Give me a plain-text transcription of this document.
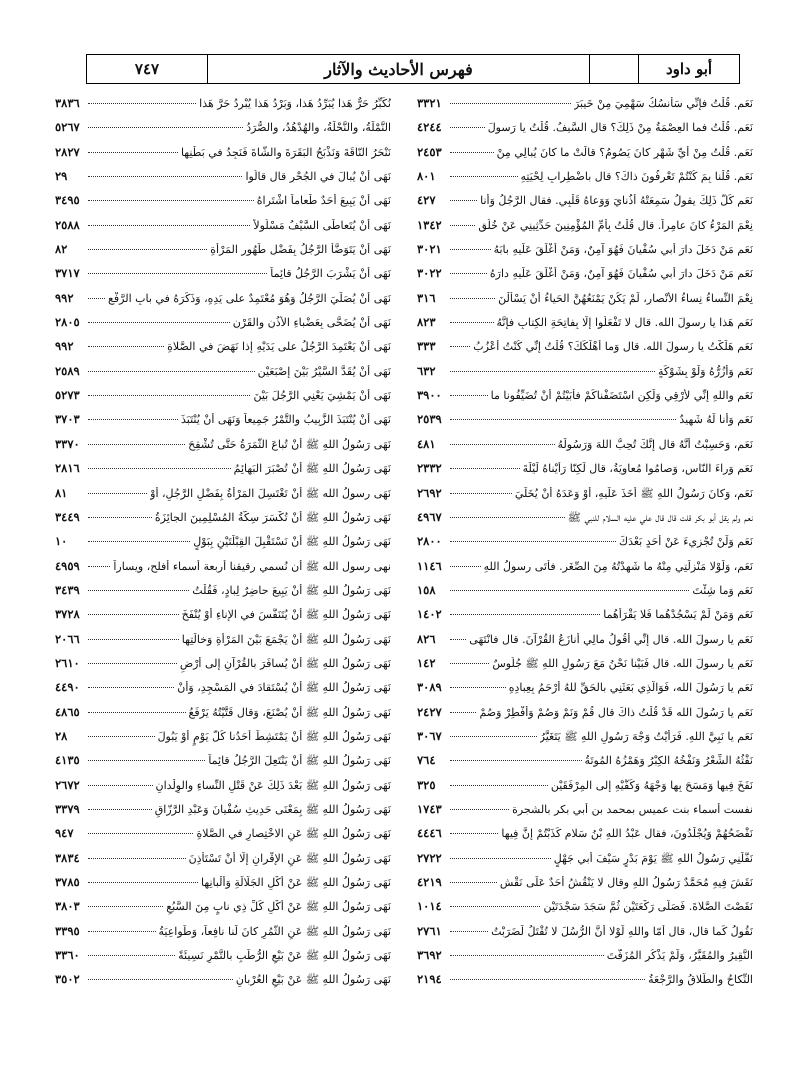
أبو داود
فهرس الأحاديث والآثار
٧٤٧
نَعَم. قُلْتُ فإنِّي سَأَنسُكُ سَهْمِيَ مِنْ خَيبَرَ
٣٣٢١
نَعَم. قُلْتُ فما العِصْمَةُ مِنْ ذَلِكَ؟ قال السَّيفُ. قُلْتُ يا رَسولَ
٤٢٤٤
نَعَم. قُلْتُ مِنْ أَيِّ شَهْرٍ كانَ يَصُومُ؟ قالَتْ ما كانَ يُبالِي مِنْ
٢٤٥٣
نَعَم. قُلْنا بِمَ كُنْتُمْ تَعْرِفُونَ ذاكَ؟ قال باضْطِرابِ لِحْيَتِهِ
٨٠١
نَعَم كُلُّ ذَلِكَ يقولُ سَمِعَتْهُ أُذُنايَ وَوَعاهُ قَلْبِي. فقال الرَّجُلُ وَأَنا
٤٢٧
نِعْمَ المَرْءُ كانَ عامِراً. قال قُلْتُ بِأُمِّ المُؤْمِنِينَ حَدِّثِينِي عَنْ خُلُقِ
١٣٤٢
نَعَم مَنْ دَخَلَ دارَ أبي سُفْيانَ فَهُوَ آمِنٌ، وَمَنْ أَغْلَقَ عَلَيهِ بابَهُ
٣٠٢١
نَعَم مَنْ دَخَلَ دارَ أبي سُفْيانَ فَهُوَ آمِنٌ، وَمَنْ أَغْلَقَ عَلَيهِ دارَهُ
٣٠٢٢
نِعْمَ النِّساءُ نِساءُ الأَنْصارِ، لَمْ يَكُنْ يَمْنَعُهُنَّ الحَياءُ أَنْ يَسْأَلْنَ
٣١٦
نَعَم هَذا يا رسولَ الله. قال لا تَفْعَلُوا إلّا بِفاتِحَةِ الكِتابِ فإنَّهُ
٨٢٣
نَعَم هَلَكْتُ يا رسولَ الله. قال وَما أَهْلَكَكَ؟ قُلْتُ إنِّي كُنْتُ أَعْزُبُ
٣٣٣
نَعَم وَأَزُرُّهُ وَلَوْ بِشَوْكَةٍ
٦٣٢
نَعَم واللهِ إنِّي لأَرْقِي وَلَكِنِ اسْتَضَفْناكُمْ فأَبَيْتُمْ أَنْ تُضَيِّفُونا ما
٣٩٠٠
نَعَم وَأَنا لَهُ شَهِيدٌ
٢٥٣٩
نَعَم، وَحَسِبْتُ أَنَّهُ قال إنَّكَ تُحِبُّ اللهَ وَرَسُولَهُ
٤٨١
نَعَم وَراءَ النّاسِ، وَصامُوا مُعاوِيَةُ، قال لَكِنّا رَأَيْناهُ لَيْلَةَ
٢٣٣٢
نَعَم، وَكانَ رَسُولُ اللهِ ﷺ أَخَذَ عَلَيهِ، أوْ وَعَدَهُ أَنْ يُخَلِّيَ
٢٦٩٢
نعم ولم يقل أبو بكر قلت قال قال علي عليه السلام للنبي ﷺ
٤٩٦٧
نَعَم وَلَنْ تُجْزِيءَ عَنْ أَحَدٍ بَعْدَكَ
٢٨٠٠
نَعَم، وَلَوْلا مَنْزِلَتِي مِنْهُ ما شَهِدْتُهُ مِنَ الصِّغَرِ. فأتَى رسولُ اللهِ
١١٤٦
نَعَم وَما شِئْتَ
١٥٨
نَعَم وَمَنْ لَمْ يَسْجُدْهُما فَلا يَقْرَأْهُما
١٤٠٢
نَعَم يا رسولَ الله. قال إنِّي أَقُولُ مالِي أُنازَعُ القُرْآنَ. قال فانْتَهَى
٨٢٦
نَعَم يا رسولَ الله. قال فَبَيْنا نَحْنُ مَعَ رَسُولِ اللهِ ﷺ جُلُوسٌ
١٤٢
نَعَم يا رَسُولَ الله، فَوَالَّذِي بَعَثَنِي بالحَقِّ للهُ أَرْحَمُ بِعِبادِهِ
٣٠٨٩
نَعَم يا رَسُولَ الله قَدْ قُلْتُ ذاكَ قال قُمْ وَنَمْ وَصُمْ وَأَفْطِرْ وَصُمْ
٢٤٢٧
نَعَم يا نَبِيَّ اللهِ. فَرَأَيْتُ وَجْهَ رَسُولِ اللهِ ﷺ يَتَغَيَّرُ
٣٠٦٧
نَفْثُهُ الشِّعْرُ وَنَفْخُهُ الكِبْرُ وَهَمْزُهُ المُوتَةُ
٧٦٤
نَفَخَ فِيها وَمَسَحَ بِها وَجْهَهُ وَكَفَّيْهِ إلى المِرْفَقَيْنِ
٣٢٥
نفست أسماء بنت عميس بمحمد بن أبي بكر بالشجرة
١٧٤٣
نَفْضَحُهُمْ وَيُجْلَدُونَ، فقال عَبْدُ اللهِ بْنُ سَلامٍ كَذَبْتُمْ إنَّ فِيها
٤٤٤٦
نَفَّلَنِي رَسُولُ اللهِ ﷺ يَوْمَ بَدْرٍ سَيْفَ أبي جَهْلٍ
٢٧٢٢
نَقَشَ فِيهِ مُحَمَّدٌ رَسُولُ اللهِ وقال لا يَنْقُشُ أَحَدٌ عَلَى نَقْشِ
٤٢١٩
نَقَصْتَ الصَّلاةَ. فَصَلَّى رَكْعَتَيْنِ ثُمَّ سَجَدَ سَجْدَتَيْنِ
١٠١٤
نَقُولُ كَما قال، قال أمّا واللهِ لَوْلا أَنَّ الرُّسُلَ لا تُقْتَلُ لَضَرَبْتُ
٢٧٦١
النَّقِيرُ والمُقَيَّرُ، وَلَمْ يَذْكُرِ المُزَفَّتَ
٣٦٩٢
النِّكاحُ والطَّلاقُ والرَّجْعَةُ
٢١٩٤
نُكَبِّرُ حَرٌّ هَذا يُبَرِّدُ هَذا، وَبَرْدُ هَذا يُبْرِدُ حَرَّ هَذا
٣٨٣٦
النَّمْلَةُ، والنَّحْلَةُ، والهُدْهُدُ، والصُّرَدُ
٥٢٦٧
نَنْحَرُ النّاقَةَ وَنَذْبَحُ البَقَرَةَ والشّاةَ فَنَجِدُ في بَطْنِها
٢٨٢٧
نَهَى أَنْ يُبالَ في الجُحْرِ قال قالُوا
٢٩
نَهَى أَنْ يَبِيعَ أَحَدٌ طَعاماً اشْتَراهُ
٣٤٩٥
نَهَى أَنْ يُتَعاطَى السَّيْفُ مَسْلُولاً
٢٥٨٨
نَهَى أَنْ يَتَوَضَّأَ الرَّجُلُ بِفَضْلِ طَهُورِ المَرْأَةِ
٨٢
نَهَى أَنْ يَشْرَبَ الرَّجُلُ قائِماً
٣٧١٧
نَهَى أَنْ يُصَلِّيَ الرَّجُلُ وَهُوَ مُعْتَمِدٌ على يَدِهِ، وَذَكَرَهُ في بابِ الرَّفْعِ
٩٩٢
نَهَى أَنْ يُضَحَّى بِعَضْباءِ الأُذُنِ والقَرْنِ
٢٨٠٥
نَهَى أَنْ يَعْتَمِدَ الرَّجُلُ على يَدَيْهِ إذا نَهَضَ في الصَّلاةِ
٩٩٢
نَهَى أَنْ يُقَدَّ السَّيْرُ بَيْنَ إصْبَعَيْنِ
٢٥٨٩
نَهَى أَنْ يَمْشِيَ يَعْنِي الرَّجُلَ بَيْنَ
٥٢٧٣
نَهَى أَنْ يُنْتَبَذَ الزَّبِيبُ والتَّمْرُ جَمِيعاً وَنَهَى أَنْ يُنْتَبَذَ
٣٧٠٣
نَهَى رَسُولُ اللهِ ﷺ أَنْ تُباعَ الثَّمَرَةُ حَتَّى تُشْقِحَ
٣٣٧٠
نَهَى رَسُولُ اللهِ ﷺ أَنْ تُصْبَرَ البَهائِمُ
٢٨١٦
نَهَى رسولُ الله ﷺ أَنْ تَغْتَسِلَ المَرْأَةُ بِفَضْلِ الرَّجُلِ، أوْ
٨١
نَهَى رَسُولُ اللهِ ﷺ أَنْ تُكْسَرَ سِكَّةُ المُسْلِمِينَ الجائِزَةُ
٣٤٤٩
نَهَى رَسُولُ اللهِ ﷺ أَنْ نَسْتَقْبِلَ القِبْلَتَيْنِ بِبَوْلٍ
١٠
نهى رسول الله ﷺ أن نُسمي رقيقنا أربعة أسماء أفلح، ويساراً
٤٩٥٩
نَهَى رَسُولُ اللهِ ﷺ أَنْ يَبِيعَ حاضِرٌ لِبادٍ، فَقُلْتُ
٣٤٣٩
نَهَى رَسُولُ اللهِ ﷺ أَنْ يُتَنَفَّسَ في الإناءِ أوْ يُنْفَخَ
٣٧٢٨
نَهَى رَسُولُ اللهِ ﷺ أَنْ يَجْمَعَ بَيْنَ المَرْأَةِ وَخالَتِها
٢٠٦٦
نَهَى رَسُولُ اللهِ ﷺ أَنْ يُسافَرَ بالقُرْآنِ إلى أَرْضِ
٢٦١٠
نَهَى رَسُولُ اللهِ ﷺ أَنْ يُسْتَقادَ في المَسْجِدِ، وَأَنْ
٤٤٩٠
نَهَى رَسُولُ اللهِ ﷺ أَنْ يُصْنَعَ، وَقال قَتَّيْتُهُ يَرْفَعُ
٤٨٦٥
نَهَى رَسُولُ اللهِ ﷺ أَنْ يَمْتَشِطَ أَحَدُنا كُلَّ يَوْمٍ أوْ يَبُولَ
٢٨
نَهَى رَسُولُ اللهِ ﷺ أَنْ يَنْتَعِلَ الرَّجُلُ قائِماً
٤١٣٥
نَهَى رَسُولُ اللهِ ﷺ بَعْدَ ذَلِكَ عَنْ قَتْلِ النِّساءِ والوِلْدانِ
٢٦٧٢
نَهَى رَسُولُ اللهِ ﷺ بِمَعْنَى حَدِيثِ سُفْيانَ وَعَبْدِ الرَّزّاقِ
٣٣٧٩
نَهَى رَسُولُ اللهِ ﷺ عَنِ الاخْتِصارِ في الصَّلاةِ
٩٤٧
نَهَى رَسُولُ اللهِ ﷺ عَنِ الإقْرانِ إلّا أَنْ تَسْتَأْذِنَ
٣٨٣٤
نَهَى رَسُولُ اللهِ ﷺ عَنْ أَكْلِ الجَلّالَةِ وَأَلْبانِها
٣٧٨٥
نَهَى رَسُولُ اللهِ ﷺ عَنْ أَكْلِ كُلِّ ذِي نابٍ مِنَ السَّبُعِ
٣٨٠٣
نَهَى رَسُولُ اللهِ ﷺ عَنِ الثُّمُرِ كانَ لَنا نافِعاً، وَطَواعِيَةُ
٣٣٩٥
نَهَى رَسُولُ اللهِ ﷺ عَنْ بَيْعِ الرُّطَبِ بالتَّمْرِ نَسِيئَةً
٣٣٦٠
نَهَى رَسُولُ اللهِ ﷺ عَنْ بَيْعِ العُرْبانِ
٣٥٠٢
